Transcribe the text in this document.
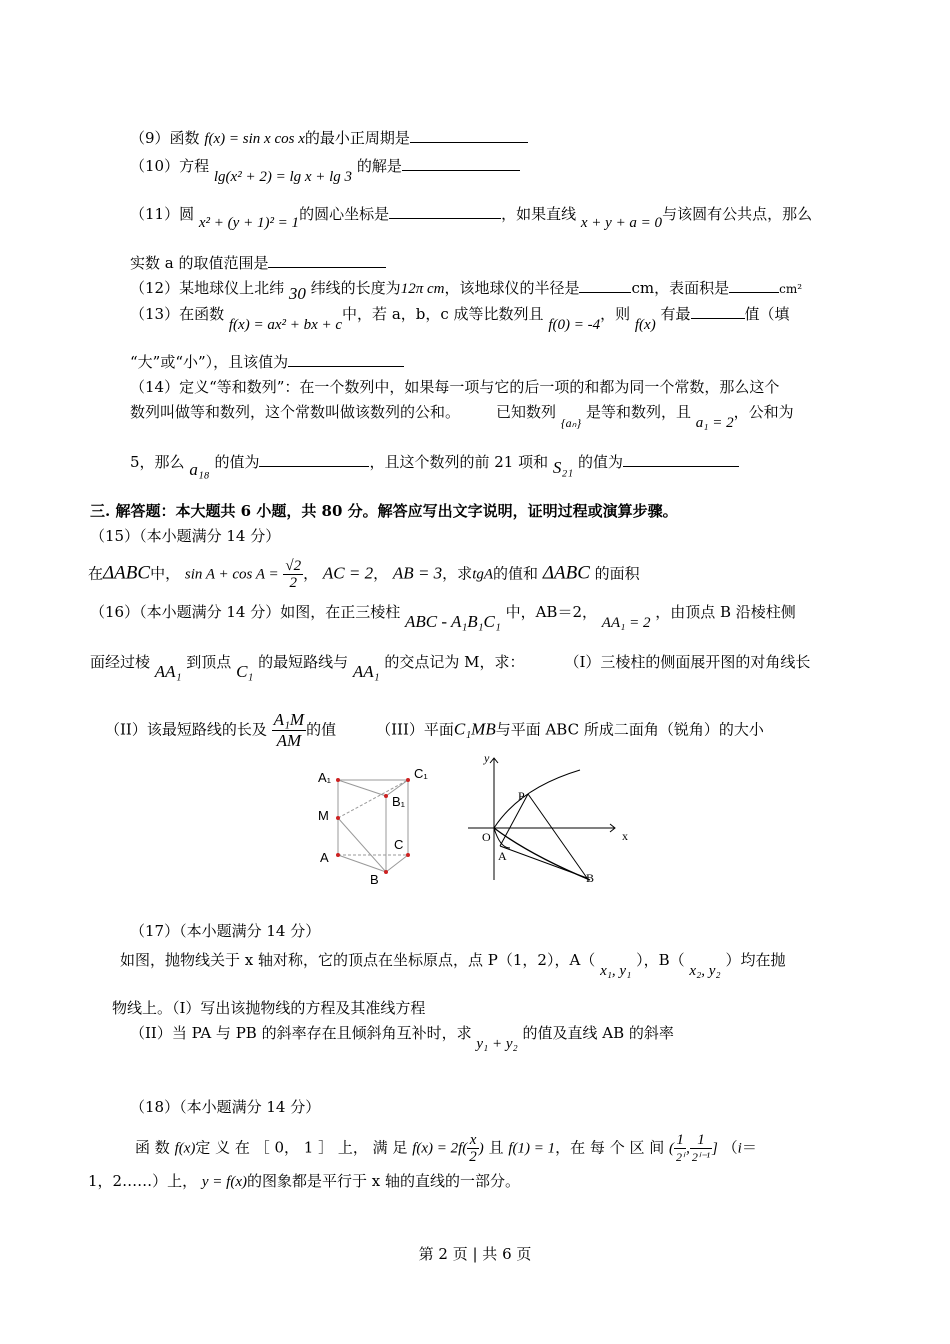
（9）函数 f(x) = sin x cos x的最小正周期是
（10）方程 lg(x² + 2) = lg x + lg 3 的解是
（11）圆 x² + (y + 1)² = 1的圆心坐标是	，如果直线 x + y + a = 0与该圆有公共点，那么
实数 a 的取值范围是
（12）某地球仪上北纬 30 纬线的长度为12π cm，该地球仪的半径是	cm，表面积是	cm²
（13）在函数 f(x) = ax² + bx + c中，若 a，b，c 成等比数列且 f(0) = -4，则 f(x) 有最	值（填
“大”或“小”），且该值为
（14）定义“等和数列”：在一个数列中，如果每一项与它的后一项的和都为同一个常数，那么这个
数列叫做等和数列，这个常数叫做该数列的公和。 已知数列 $_{\{a_n\}}$ 是等和数列，且 a₁ = 2，公和为
5，那么 a₁₈ 的值为	，且这个数列的前 21 项和 S₂₁ 的值为
三. 解答题：本大题共 6 小题，共 80 分。解答应写出文字说明，证明过程或演算步骤。
（15）（本小题满分 14 分）
在ΔABC中， $\sin A + \cos A = \frac{√2}{2}$ ， AC = 2， AB = 3，求tgA的值和 ΔABC 的面积
（16）（本小题满分 14 分）如图，在正三棱柱 ABC - A₁B₁C₁ 中，AB＝2， AA₁ = 2 ，由顶点 B 沿棱柱侧
面经过棱 AA₁ 到顶点 C₁ 的最短路线与 AA₁ 的交点记为 M，求：	（I）三棱柱的侧面展开图的对角线长
（II）该最短路线的长及 $\frac{\text{A₁M}}{AM}$ 的值	（III）平面C₁MB与平面 ABC 所成二面角（锐角）的大小
A₁	C₁
B₁
M
C
A
B
y
x
O
P
A
B
（17）（本小题满分 14 分）
如图，抛物线关于 x 轴对称，它的顶点在坐标原点，点 P（1，2），A（ x₁, y₁ ），B（ x₂, y₂ ）均在抛
物线上。（I）写出该抛物线的方程及其准线方程
（II）当 PA 与 PB 的斜率存在且倾斜角互补时，求 y₁ + y₂ 的值及直线 AB 的斜率
（18）（本小题满分 14 分）
函 数 f(x)定 义 在 ［ 0， 1 ］ 上， 满 足 $f(x) = 2f( \frac{x}{2}$ ) 且 f(1) = 1，在 每 个 区 间 ( $\frac{1}{\text{2ⁱ}}$ , $\frac{1}{\text{2ⁱ⁻¹}}$ ] （i＝
1，2……）上， y = f(x)的图象都是平行于 x 轴的直线的一部分。
第 2 页 | 共 6 页
